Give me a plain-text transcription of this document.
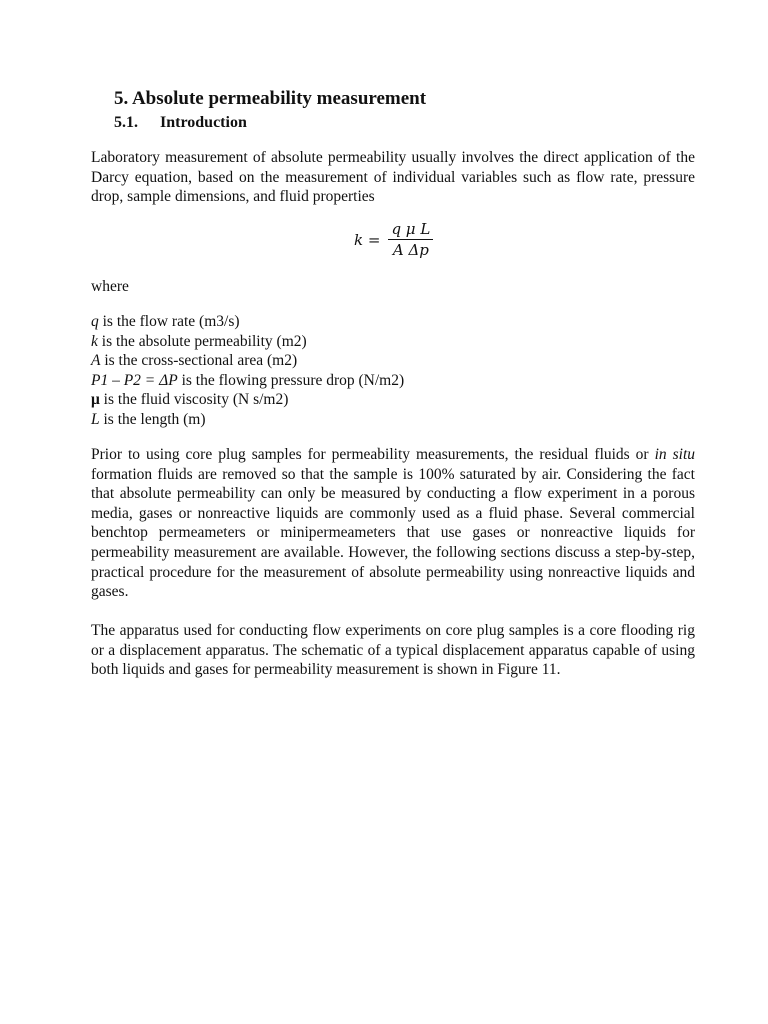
5. Absolute permeability measurement
5.1. Introduction
Laboratory measurement of absolute permeability usually involves the direct application of the Darcy equation, based on the measurement of individual variables such as flow rate, pressure drop, sample dimensions, and fluid properties
$k = \frac{\text{q μ L}}{\text{A Δp}}$
where
q is the flow rate (m3/s)
k is the absolute permeability (m2)
A is the cross-sectional area (m2)
P1 – P2 = ΔP is the flowing pressure drop (N/m2)
μ is the fluid viscosity (N s/m2)
L is the length (m)
Prior to using core plug samples for permeability measurements, the residual fluids or in situ formation fluids are removed so that the sample is 100% saturated by air. Considering the fact that absolute permeability can only be measured by conducting a flow experiment in a porous media, gases or nonreactive liquids are commonly used as a fluid phase. Several commercial benchtop permeameters or minipermeameters that use gases or nonreactive liquids for permeability measurement are available. However, the following sections discuss a step-by-step, practical procedure for the measurement of absolute permeability using nonreactive liquids and gases.
The apparatus used for conducting flow experiments on core plug samples is a core flooding rig or a displacement apparatus. The schematic of a typical displacement apparatus capable of using both liquids and gases for permeability measurement is shown in Figure 11.
